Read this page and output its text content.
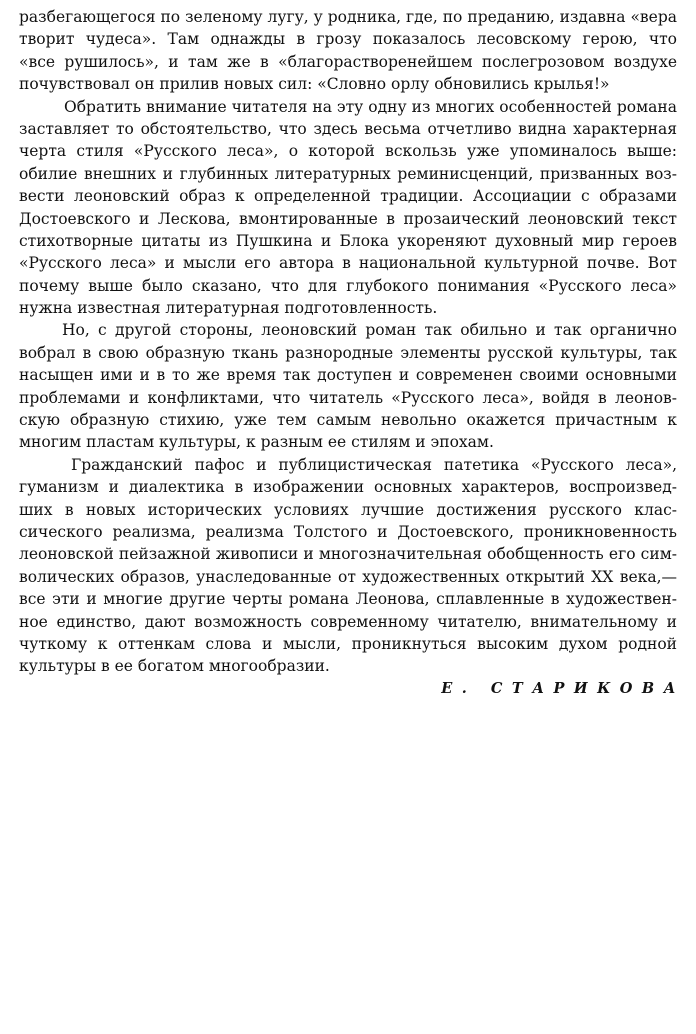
разбегающегося по зеленому лугу, у родника, где, по преданию, издавна «вера
творит чудеса». Там однажды в грозу показалось лесовскому герою, что
«все рушилось», и там же в «благорастворенейшем послегрозовом воздухе
почувствовал он прилив новых сил: «Словно орлу обновились крылья!»
Обратить внимание читателя на эту одну из многих особенностей романа
заставляет то обстоятельство, что здесь весьма отчетливо видна характерная
черта стиля «Русского леса», о которой вскользь уже упоминалось выше:
обилие внешних и глубинных литературных реминисценций, призванных воз-
вести леоновский образ к определенной традиции. Ассоциации с образами
Достоевского и Лескова, вмонтированные в прозаический леоновский текст
стихотворные цитаты из Пушкина и Блока укореняют духовный мир героев
«Русского леса» и мысли его автора в национальной культурной почве. Вот
почему выше было сказано, что для глубокого понимания «Русского леса»
нужна известная литературная подготовленность.
Но, с другой стороны, леоновский роман так обильно и так органично
вобрал в свою образную ткань разнородные элементы русской культуры, так
насыщен ими и в то же время так доступен и современен своими основными
проблемами и конфликтами, что читатель «Русского леса», войдя в леонов-
скую образную стихию, уже тем самым невольно окажется причастным к
многим пластам культуры, к разным ее стилям и эпохам.
Гражданский пафос и публицистическая патетика «Русского леса»,
гуманизм и диалектика в изображении основных характеров, воспроизвед-
ших в новых исторических условиях лучшие достижения русского клас-
сического реализма, реализма Толстого и Достоевского, проникновенность
леоновской пейзажной живописи и многозначительная обобщенность его сим-
волических образов, унаследованные от художественных открытий XX века,—
все эти и многие другие черты романа Леонова, сплавленные в художествен-
ное единство, дают возможность современному читателю, внимательному и
чуткому к оттенкам слова и мысли, проникнуться высоким духом родной
культуры в ее богатом многообразии.
Е. СТАРИКОВА
